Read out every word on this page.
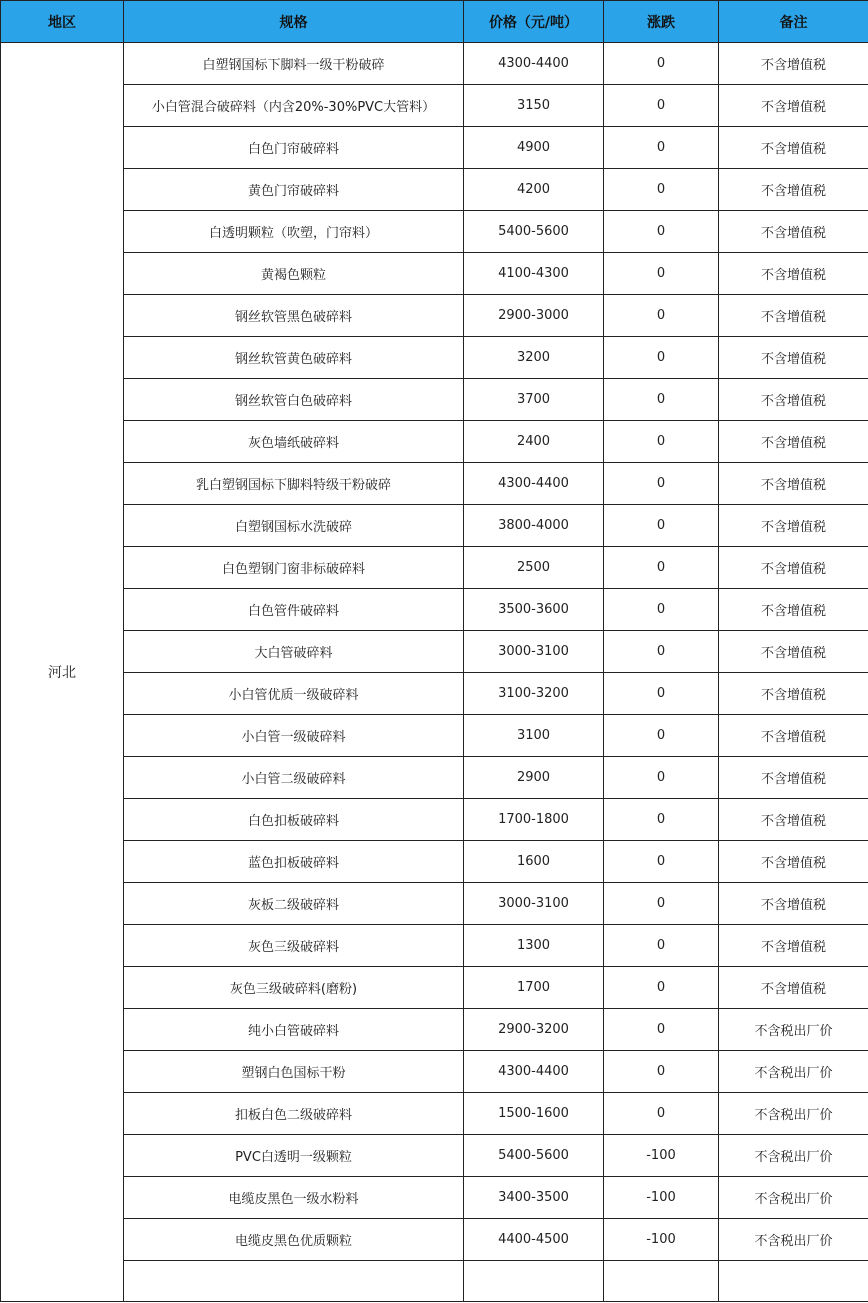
地区	规格	价格（元/吨）	涨跌	备注
河北	白塑钢国标下脚料一级干粉破碎	4300-4400	0	不含增值税
	小白管混合破碎料（内含20%-30%PVC大管料）	3150	0	不含增值税
	白色门帘破碎料	4900	0	不含增值税
	黄色门帘破碎料	4200	0	不含增值税
	白透明颗粒（吹塑，门帘料）	5400-5600	0	不含增值税
	黄褐色颗粒	4100-4300	0	不含增值税
	钢丝软管黑色破碎料	2900-3000	0	不含增值税
	钢丝软管黄色破碎料	3200	0	不含增值税
	钢丝软管白色破碎料	3700	0	不含增值税
	灰色墙纸破碎料	2400	0	不含增值税
	乳白塑钢国标下脚料特级干粉破碎	4300-4400	0	不含增值税
	白塑钢国标水洗破碎	3800-4000	0	不含增值税
	白色塑钢门窗非标破碎料	2500	0	不含增值税
	白色管件破碎料	3500-3600	0	不含增值税
	大白管破碎料	3000-3100	0	不含增值税
	小白管优质一级破碎料	3100-3200	0	不含增值税
	小白管一级破碎料	3100	0	不含增值税
	小白管二级破碎料	2900	0	不含增值税
	白色扣板破碎料	1700-1800	0	不含增值税
	蓝色扣板破碎料	1600	0	不含增值税
	灰板二级破碎料	3000-3100	0	不含增值税
	灰色三级破碎料	1300	0	不含增值税
	灰色三级破碎料(磨粉)	1700	0	不含增值税
	纯小白管破碎料	2900-3200	0	不含税出厂价
	塑钢白色国标干粉	4300-4400	0	不含税出厂价
	扣板白色二级破碎料	1500-1600	0	不含税出厂价
	PVC白透明一级颗粒	5400-5600	-100	不含税出厂价
	电缆皮黑色一级水粉料	3400-3500	-100	不含税出厂价
	电缆皮黑色优质颗粒	4400-4500	-100	不含税出厂价
